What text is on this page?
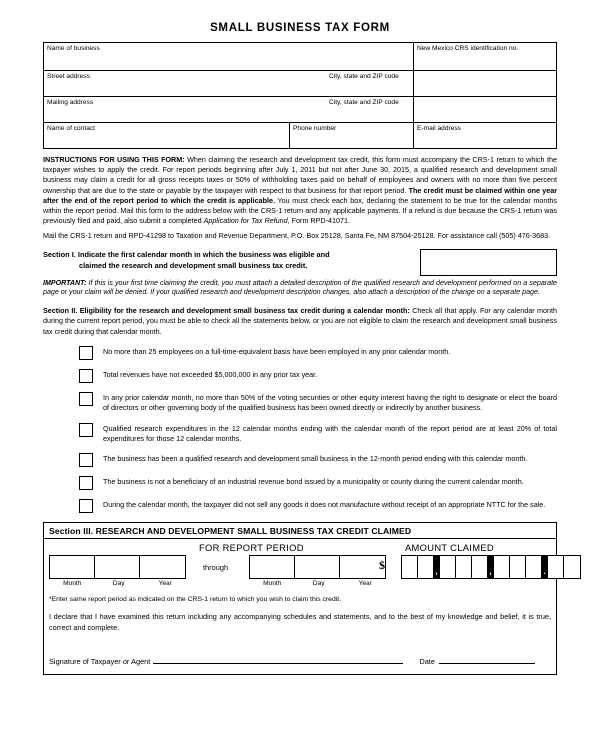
SMALL BUSINESS TAX FORM
Name of business		New Mexico CRS identification no.
Street address		City, state and ZIP code
Mailing address		City, state and ZIP code
Name of contact	Phone number	E-mail address
INSTRUCTIONS FOR USING THIS FORM: When claiming the research and development tax credit, this form must accompany the CRS-1 return to which the taxpayer wishes to apply the credit. For report periods beginning after July 1, 2011 but not after June 30, 2015, a qualified research and development small business may claim a credit for all gross receipts taxes or 50% of withholding taxes paid on behalf of employees and owners with no more than five percent ownership that are due to the state or payable by the taxpayer with respect to that business for that report period. The credit must be claimed within one year after the end of the report period to which the credit is applicable. You must check each box, declaring the statement to be true for the calendar months within the report period. Mail this form to the address below with the CRS-1 return and any applicable payments. If a refund is due because the CRS-1 return was previously filed and paid, also submit a completed Application for Tax Refund, Form RPD-41071.
Mail the CRS-1 return and RPD-41298 to Taxation and Revenue Department, P.O. Box 25128, Santa Fe, NM 87504-25128. For assistance call (505) 476-3683.
Section I. Indicate the first calendar month in which the business was eligible and
claimed the research and development small business tax credit.
IMPORTANT: If this is your first time claiming the credit, you must attach a detailed description of the qualified research and development performed on a separate page or your claim will be denied. If your qualified research and development description changes, also attach a description of the change on a separate page.
Section II. Eligibility for the research and development small business tax credit during a calendar month: Check all that apply. For any calendar month during the current report period, you must be able to check all the statements below, or you are not eligible to claim the research and development small business tax credit during that calendar month.
No more than 25 employees on a full-time-equivalent basis have been employed in any prior calendar month.
Total revenues have not exceeded $5,000,000 in any prior tax year.
In any prior calendar month, no more than 50% of the voting securities or other equity interest having the right to designate or elect the board of directors or other governing body of the qualified business has been owned directly or indirectly by another business.
Qualified research expenditures in the 12 calendar months ending with the calendar month of the report period are at least 20% of total expenditures for those 12 calendar months.
The business has been a qualified research and development small business in the 12-month period ending with this calendar month.
The business is not a beneficiary of an industrial revenue bond issued by a municipality or county during the current calendar month.
During the calendar month, the taxpayer did not sell any goods it does not manufacture without receipt of an appropriate NTTC for the sale.
Section III. RESEARCH AND DEVELOPMENT SMALL BUSINESS TAX CREDIT CLAIMED
FOR REPORT PERIOD	AMOUNT CLAIMED
Month	Day	Year
through
Month	Day	Year
$	,	,	.
*Enter same report period as indicated on the CRS-1 return to which you wish to claim this credit.
I declare that I have examined this return including any accompanying schedules and statements, and to the best of my knowledge and belief, it is true, correct and complete.
Signature of Taxpayer or Agent	Date
